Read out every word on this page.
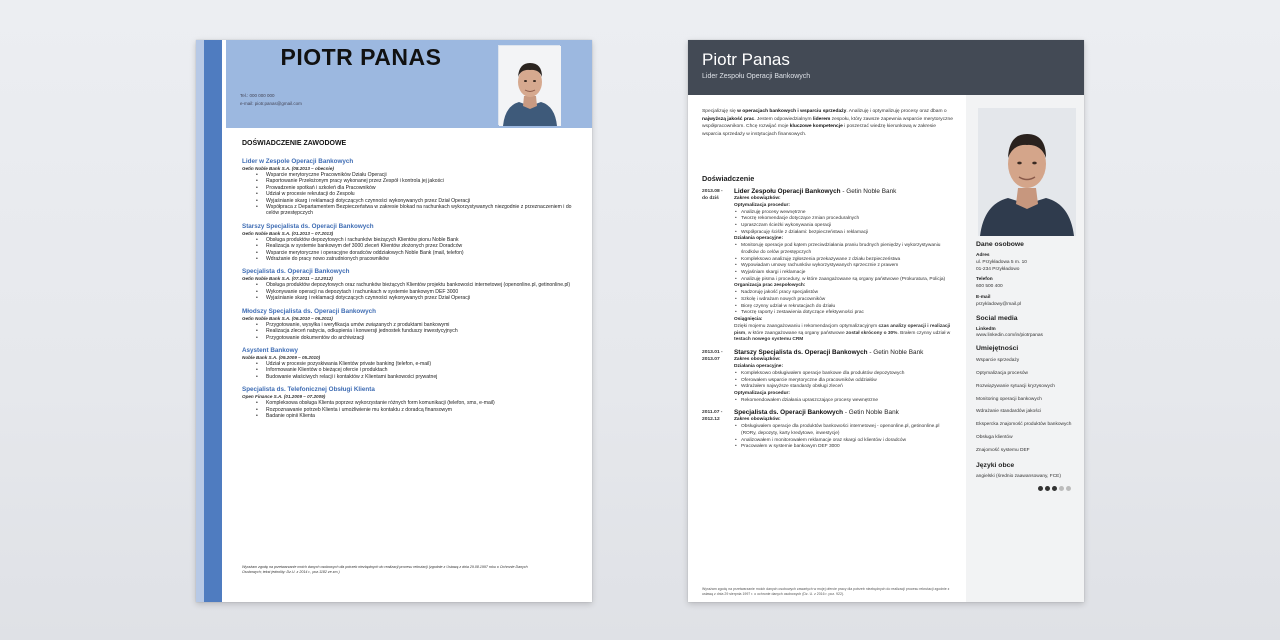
PIOTR PANAS
Tel.: 000 000 000
e-mail: piotr.panas@gmail.com
DOŚWIADCZENIE ZAWODOWE
Lider w Zespole Operacji Bankowych
Getin Noble Bank S.A. (08.2013 – obecnie)
• Wsparcie merytoryczne Pracowników Działu Operacji
• Raportowanie Przełożonym pracy wykonanej przez Zespół i kontrola jej jakości
• Prowadzenie spotkań i szkoleń dla Pracowników
• Udział w procesie rekrutacji do Zespołu
• Wyjaśnianie skarg i reklamacji dotyczących czynności wykonywanych przez Dział Operacji
• Współpraca z Departamentem Bezpieczeństwa w zakresie blokad na rachunkach wykorzystywanych niezgodnie z przeznaczeniem i do celów przestępczych
Starszy Specjalista ds. Operacji Bankowych
Getin Noble Bank S.A. (01.2013 – 07.2013)
• Obsługa produktów depozytowych i rachunków bieżących Klientów pionu Noble Bank
• Realizacja w systemie bankowym def 3000 zleceń Klientów złożonych przez Doradców
• Wsparcie merytoryczne i operacyjne doradców oddziałowych Noble Bank (mail, telefon)
• Wdrażanie do pracy nowo zatrudnionych pracowników
Specjalista ds. Operacji Bankowych
Getin Noble Bank S.A. (07.2011 – 12.2012)
• Obsługa produktów depozytowych oraz rachunków bieżących Klientów projektu bankowości internetowej (openonline.pl, getinonline.pl)
• Wykonywanie operacji na depozytach i rachunkach w systemie bankowym DEF 3000
• Wyjaśnianie skarg i reklamacji dotyczących czynności wykonywanych przez Dział Operacji
Młodszy Specjalista ds. Operacji Bankowych
Getin Noble Bank S.A. (06.2010 – 06.2011)
• Przygotowanie, wysyłka i weryfikacja umów związanych z produktami bankowymi
• Realizacja zleceń nabycia, odkupienia i konwersji jednostek funduszy inwestycyjnych
• Przygotowanie dokumentów do archiwizacji
Asystent Bankowy
Noble Bank S.A. (09.2009 – 05.2010)
• Udział w procesie pozyskiwania Klientów private banking (telefon, e-mail)
• Informowanie Klientów o bieżącej ofercie i produktach
• Budowanie właściwych relacji i kontaktów z Klientami bankowości prywatnej
Specjalista ds. Telefonicznej Obsługi Klienta
Open Finance S.A. (01.2009 – 07.2009)
• Kompleksowa obsługa Klienta poprzez wykorzystanie różnych form komunikacji (telefon, sms, e-mail)
• Rozpoznawanie potrzeb Klienta i umożliwienie mu kontaktu z doradcą finansowym
• Badanie opinii Klienta
Wyrażam zgodę na przetwarzanie moich danych osobowych dla potrzeb niezbędnych do realizacji procesu rekrutacji (zgodnie z Ustawą z dnia 29.08.1997 roku o Ochronie Danych Osobowych; tekst jednolity: Dz.U. z 2014 r., poz.1182 ze zm.)
Piotr Panas
Lider Zespołu Operacji Bankowych
Specjalizuję się w operacjach bankowych i wsparciu sprzedaży. Analizuję i optymalizuję procesy oraz dbam o najwyższą jakość prac. Jestem odpowiedzialnym liderem zespołu, który zawsze zapewnia wsparcie merytoryczne współpracownikom. Chcę rozwijać moje kluczowe kompetencje i poszerzać wiedzę kierunkową w zakresie wsparcia sprzedaży w instytucjach finansowych.
Doświadczenie
2013.08 -
do dziś
Lider Zespołu Operacji Bankowych - Getin Noble Bank
Zakres obowiązków:
Optymalizacja procedur:
• Analizuję procesy wewnętrzne
• Tworzę rekomendacje dotyczące zmian proceduralnych
• Upraszczam ścieżki wykonywania operacji
• Współpracuję ściśle z działami: bezpieczeństwa i reklamacji
Działania operacyjne:
• Monitoruję operacje pod kątem przeciwdziałania praniu brudnych pieniędzy i wykorzystywaniu środków do celów przestępczych
• Kompleksowo analizuję zgłoszenia przekazywane z działu bezpieczeństwa
• Wypowiadam umowy rachunków wykorzystywanych sprzecznie z prawem
• Wyjaśniam skargi i reklamacje
• Analizuję pisma i procedury, w które zaangażowane są organy państwowe (Prokuratura, Policja)
Organizacja prac zespołowych:
• Nadzoruję jakość pracy specjalistów
• Szkolę i wdrażam nowych pracowników
• Biorę czynny udział w rekrutacjach do działu
• Tworzę raporty i zestawienia dotyczące efektywności prac
Osiągnięcia:
Dzięki mojemu zaangażowaniu i rekomendacjom optymalizacyjnym czas analizy operacji i realizacji pism, w które zaangażowane są organy państwowe został skrócony o 30%. Brałem czynny udział w testach nowego systemu CRM
2013.01 -
2013.07
Starszy Specjalista ds. Operacji Bankowych - Getin Noble Bank
Zakres obowiązków:
Działania operacyjne:
• Kompleksowo obsługiwałem operacje bankowe dla produktów depozytowych
• Oferowałem wsparcie merytoryczne dla pracowników oddziałów
• Wdrażałem najwyższe standardy obsługi zleceń
Optymalizacja procedur:
• Rekomendowałem działania upraszczające procesy wewnętrzne
2011.07 -
2012.12
Specjalista ds. Operacji Bankowych - Getin Noble Bank
Zakres obowiązków:
• Obsługiwałem operacje dla produktów bankowości internetowej - openonline.pl, getinonline.pl (RORy, depozyty, karty kredytowe, inwestycje)
• Analizowałem i monitorowałem reklamacje oraz skargi od klientów i doradców
• Pracowałem w systemie bankowym DEF 3000
Wyrażam zgodę na przetwarzanie moich danych osobowych zawartych w mojej ofercie pracy dla potrzeb niezbędnych do realizacji procesu rekrutacji zgodnie z ustawą z dnia 29 sierpnia 1997 r. o ochronie danych osobowych (Dz. U. z 2016 r. poz. 922).
Dane osobowe
Adres
ul. Przykładowa 5 m. 10
01-234 Przykładowo
Telefon
600 500 400
E-mail
przykladowy@mail.pl
Social media
LinkedIn
www.linkedin.com/in/piotrpanas
Umiejętności
Wsparcie sprzedaży
Optymalizacja procesów
Rozwiązywanie sytuacji kryzysowych
Monitoring operacji bankowych
Wdrażanie standardów jakości
Ekspercka znajomość produktów bankowych
Obsługa klientów
Znajomość systemu DEF
Języki obce
angielski (średnio zaawansowany, FCE)
